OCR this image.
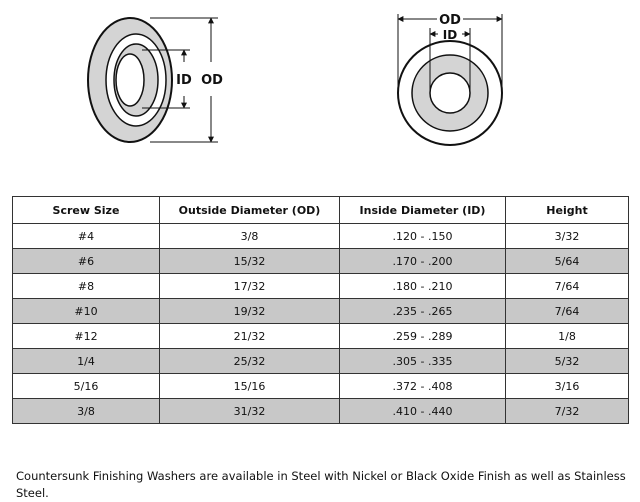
ID OD
OD
ID
Screw Size	Outside Diameter (OD)	Inside Diameter (ID)	Height
#4	3/8	.120 - .150	3/32
#6	15/32	.170 - .200	5/64
#8	17/32	.180 - .210	7/64
#10	19/32	.235 - .265	7/64
#12	21/32	.259 - .289	1/8
1/4	25/32	.305 - .335	5/32
5/16	15/16	.372 - .408	3/16
3/8	31/32	.410 - .440	7/32

Countersunk Finishing Washers are available in Steel with Nickel or Black Oxide Finish as well as Stainless Steel.
